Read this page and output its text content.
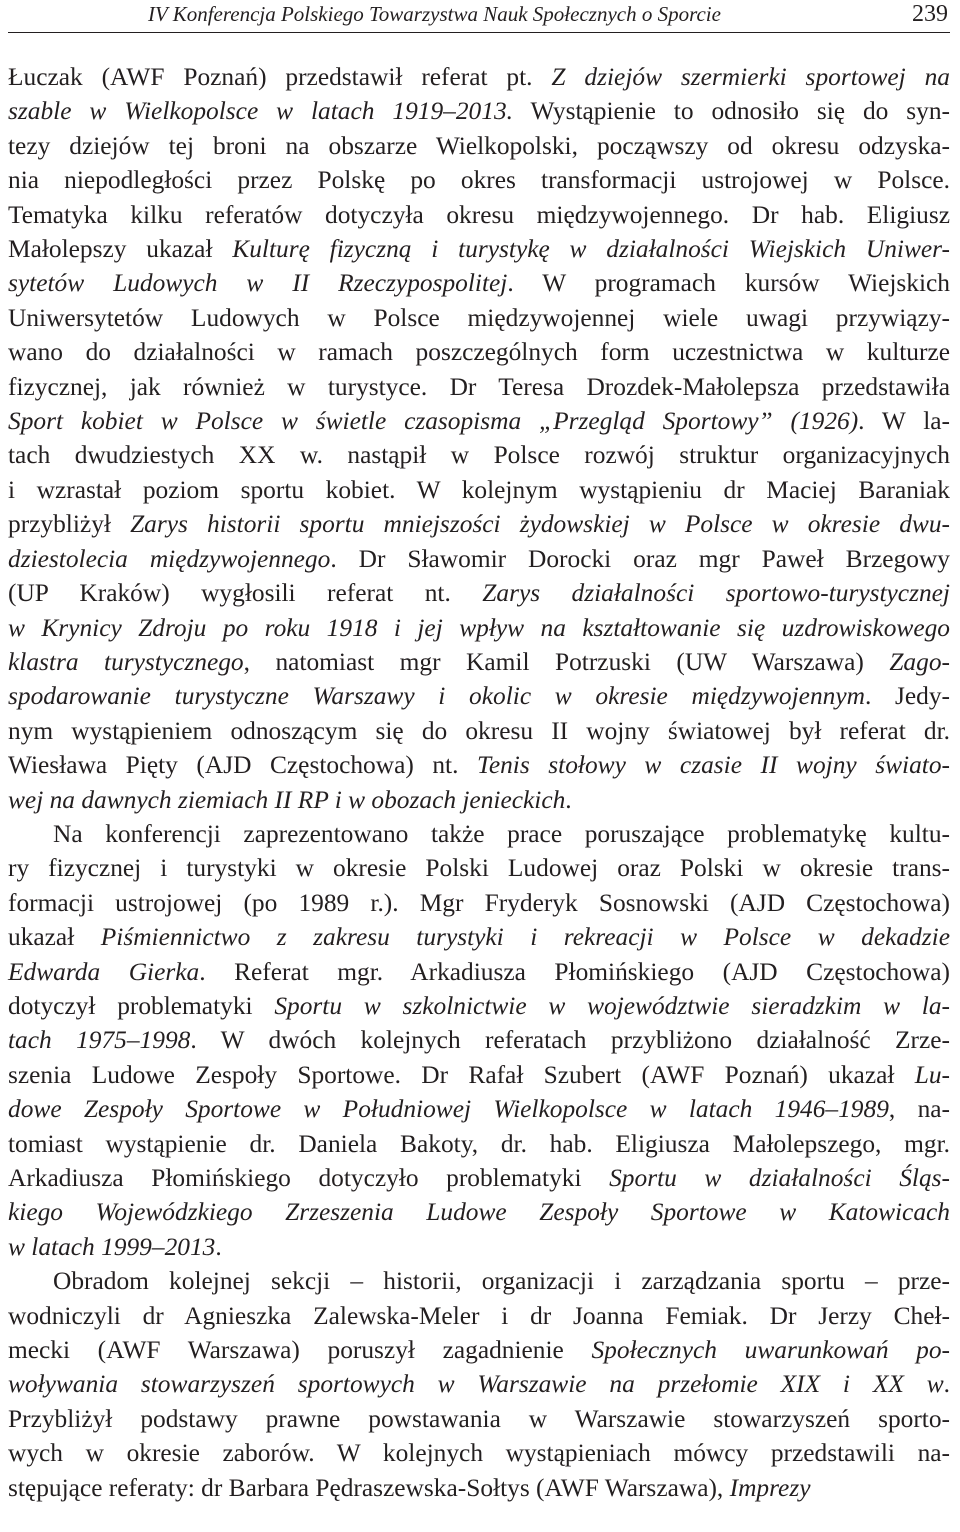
IV Konferencja Polskiego Towarzystwa Nauk Społecznych o Sporcie	239

Łuczak (AWF Poznań) przedstawił referat pt. Z dziejów szermierki sportowej na
szable w Wielkopolsce w latach 1919–2013. Wystąpienie to odnosiło się do syn-
tezy dziejów tej broni na obszarze Wielkopolski, począwszy od okresu odzyska-
nia niepodległości przez Polskę po okres transformacji ustrojowej w Polsce.
Tematyka kilku referatów dotyczyła okresu międzywojennego. Dr hab. Eligiusz
Małolepszy ukazał Kulturę fizyczną i turystykę w działalności Wiejskich Uniwer-
sytetów Ludowych w II Rzeczypospolitej. W programach kursów Wiejskich
Uniwersytetów Ludowych w Polsce międzywojennej wiele uwagi przywiązy-
wano do działalności w ramach poszczególnych form uczestnictwa w kulturze
fizycznej, jak również w turystyce. Dr Teresa Drozdek-Małolepsza przedstawiła
Sport kobiet w Polsce w świetle czasopisma „Przegląd Sportowy” (1926). W la-
tach dwudziestych XX w. nastąpił w Polsce rozwój struktur organizacyjnych
i wzrastał poziom sportu kobiet. W kolejnym wystąpieniu dr Maciej Baraniak
przybliżył Zarys historii sportu mniejszości żydowskiej w Polsce w okresie dwu-
dziestolecia międzywojennego. Dr Sławomir Dorocki oraz mgr Paweł Brzegowy
(UP Kraków) wygłosili referat nt. Zarys działalności sportowo-turystycznej
w Krynicy Zdroju po roku 1918 i jej wpływ na kształtowanie się uzdrowiskowego
klastra turystycznego, natomiast mgr Kamil Potrzuski (UW Warszawa) Zago-
spodarowanie turystyczne Warszawy i okolic w okresie międzywojennym. Jedy-
nym wystąpieniem odnoszącym się do okresu II wojny światowej był referat dr.
Wiesława Pięty (AJD Częstochowa) nt. Tenis stołowy w czasie II wojny świato-
wej na dawnych ziemiach II RP i w obozach jenieckich.

Na konferencji zaprezentowano także prace poruszające problematykę kultu-
ry fizycznej i turystyki w okresie Polski Ludowej oraz Polski w okresie trans-
formacji ustrojowej (po 1989 r.). Mgr Fryderyk Sosnowski (AJD Częstochowa)
ukazał Piśmiennictwo z zakresu turystyki i rekreacji w Polsce w dekadzie
Edwarda Gierka. Referat mgr. Arkadiusza Płomińskiego (AJD Częstochowa)
dotyczył problematyki Sportu w szkolnictwie w województwie sieradzkim w la-
tach 1975–1998. W dwóch kolejnych referatach przybliżono działalność Zrze-
szenia Ludowe Zespoły Sportowe. Dr Rafał Szubert (AWF Poznań) ukazał Lu-
dowe Zespoły Sportowe w Południowej Wielkopolsce w latach 1946–1989, na-
tomiast wystąpienie dr. Daniela Bakoty, dr. hab. Eligiusza Małolepszego, mgr.
Arkadiusza Płomińskiego dotyczyło problematyki Sportu w działalności Śląs-
kiego Wojewódzkiego Zrzeszenia Ludowe Zespoły Sportowe w Katowicach
w latach 1999–2013.

Obradom kolejnej sekcji – historii, organizacji i zarządzania sportu – prze-
wodniczyli dr Agnieszka Zalewska-Meler i dr Joanna Femiak. Dr Jerzy Cheł-
mecki (AWF Warszawa) poruszył zagadnienie Społecznych uwarunkowań po-
woływania stowarzyszeń sportowych w Warszawie na przełomie XIX i XX w.
Przybliżył podstawy prawne powstawania w Warszawie stowarzyszeń sporto-
wych w okresie zaborów. W kolejnych wystąpieniach mówcy przedstawili na-
stępujące referaty: dr Barbara Pędraszewska-Sołtys (AWF Warszawa), Imprezy
